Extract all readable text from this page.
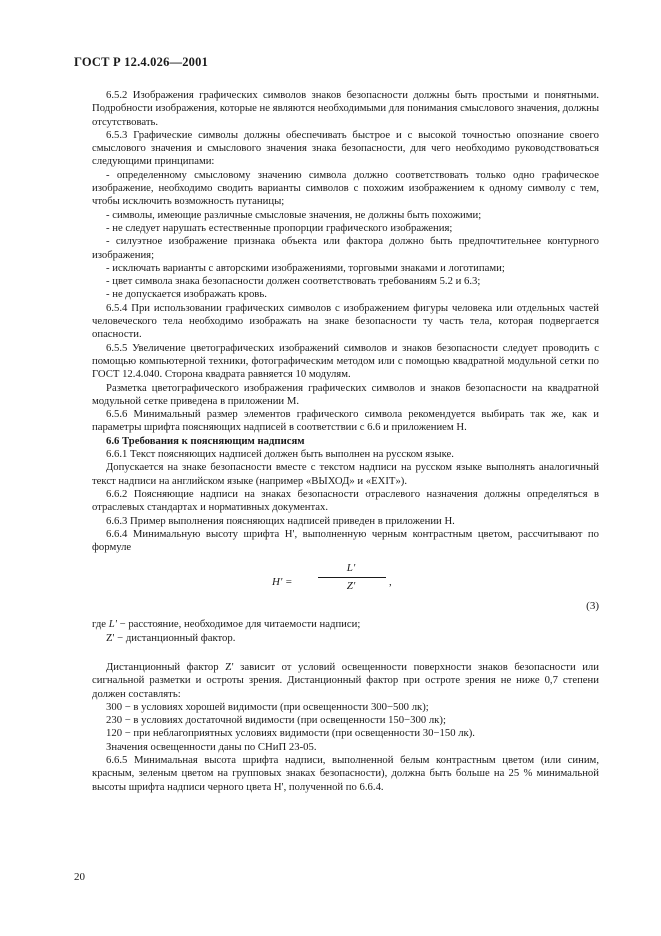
ГОСТ Р 12.4.026—2001

6.5.2 Изображения графических символов знаков безопасности должны быть простыми и понятными. Подробности изображения, которые не являются необходимыми для понимания смыслового значения, должны отсутствовать.

6.5.3 Графические символы должны обеспечивать быстрое и с высокой точностью опознание своего смыслового значения и смыслового значения знака безопасности, для чего необходимо руководствоваться следующими принципами:

- определенному смысловому значению символа должно соответствовать только одно графическое изображение, необходимо сводить варианты символов с похожим изображением к одному символу с тем, чтобы исключить возможность путаницы;

- символы, имеющие различные смысловые значения, не должны быть похожими;

- не следует нарушать естественные пропорции графического изображения;

- силуэтное изображение признака объекта или фактора должно быть предпочтительнее контурного изображения;

- исключать варианты с авторскими изображениями, торговыми знаками и логотипами;

- цвет символа знака безопасности должен соответствовать требованиям 5.2 и 6.3;

- не допускается изображать кровь.

6.5.4 При использовании графических символов с изображением фигуры человека или отдельных частей человеческого тела необходимо изображать на знаке безопасности ту часть тела, которая подвергается опасности.

6.5.5 Увеличение цветографических изображений символов и знаков безопасности следует проводить с помощью компьютерной техники, фотографическим методом или с помощью квадратной модульной сетки по ГОСТ 12.4.040. Сторона квадрата равняется 10 модулям.

Разметка цветографического изображения графических символов и знаков безопасности на квадратной модульной сетке приведена в приложении М.

6.5.6 Минимальный размер элементов графического символа рекомендуется выбирать так же, как и параметры шрифта поясняющих надписей в соответствии с 6.6 и приложением Н.

6.6 Требования к поясняющим надписям

6.6.1 Текст поясняющих надписей должен быть выполнен на русском языке.

Допускается на знаке безопасности вместе с текстом надписи на русском языке выполнять аналогичный текст надписи на английском языке (например «ВЫХОД» и «EXIT»).

6.6.2 Поясняющие надписи на знаках безопасности отраслевого назначения должны определяться в отраслевых стандартах и нормативных документах.

6.6.3 Пример выполнения поясняющих надписей приведен в приложении Н.

6.6.4 Минимальную высоту шрифта H', выполненную черным контрастным цветом, рассчитывают по формуле

H' =
L'
Z'	,
(3)

где L' − расстояние, необходимое для читаемости надписи;

Z' − дистанционный фактор.

Дистанционный фактор Z' зависит от условий освещенности поверхности знаков безопасности или сигнальной разметки и остроты зрения. Дистанционный фактор при остроте зрения не ниже 0,7 степени должен составлять:

300 − в условиях хорошей видимости (при освещенности 300−500 лк);

230 − в условиях достаточной видимости (при освещенности 150−300 лк);

120 − при неблагоприятных условиях видимости (при освещенности 30−150 лк).

Значения освещенности даны по СНиП 23-05.

6.6.5 Минимальная высота шрифта надписи, выполненной белым контрастным цветом (или синим, красным, зеленым цветом на групповых знаках безопасности), должна быть больше на 25 % минимальной высоты шрифта надписи черного цвета H', полученной по 6.6.4.

20
